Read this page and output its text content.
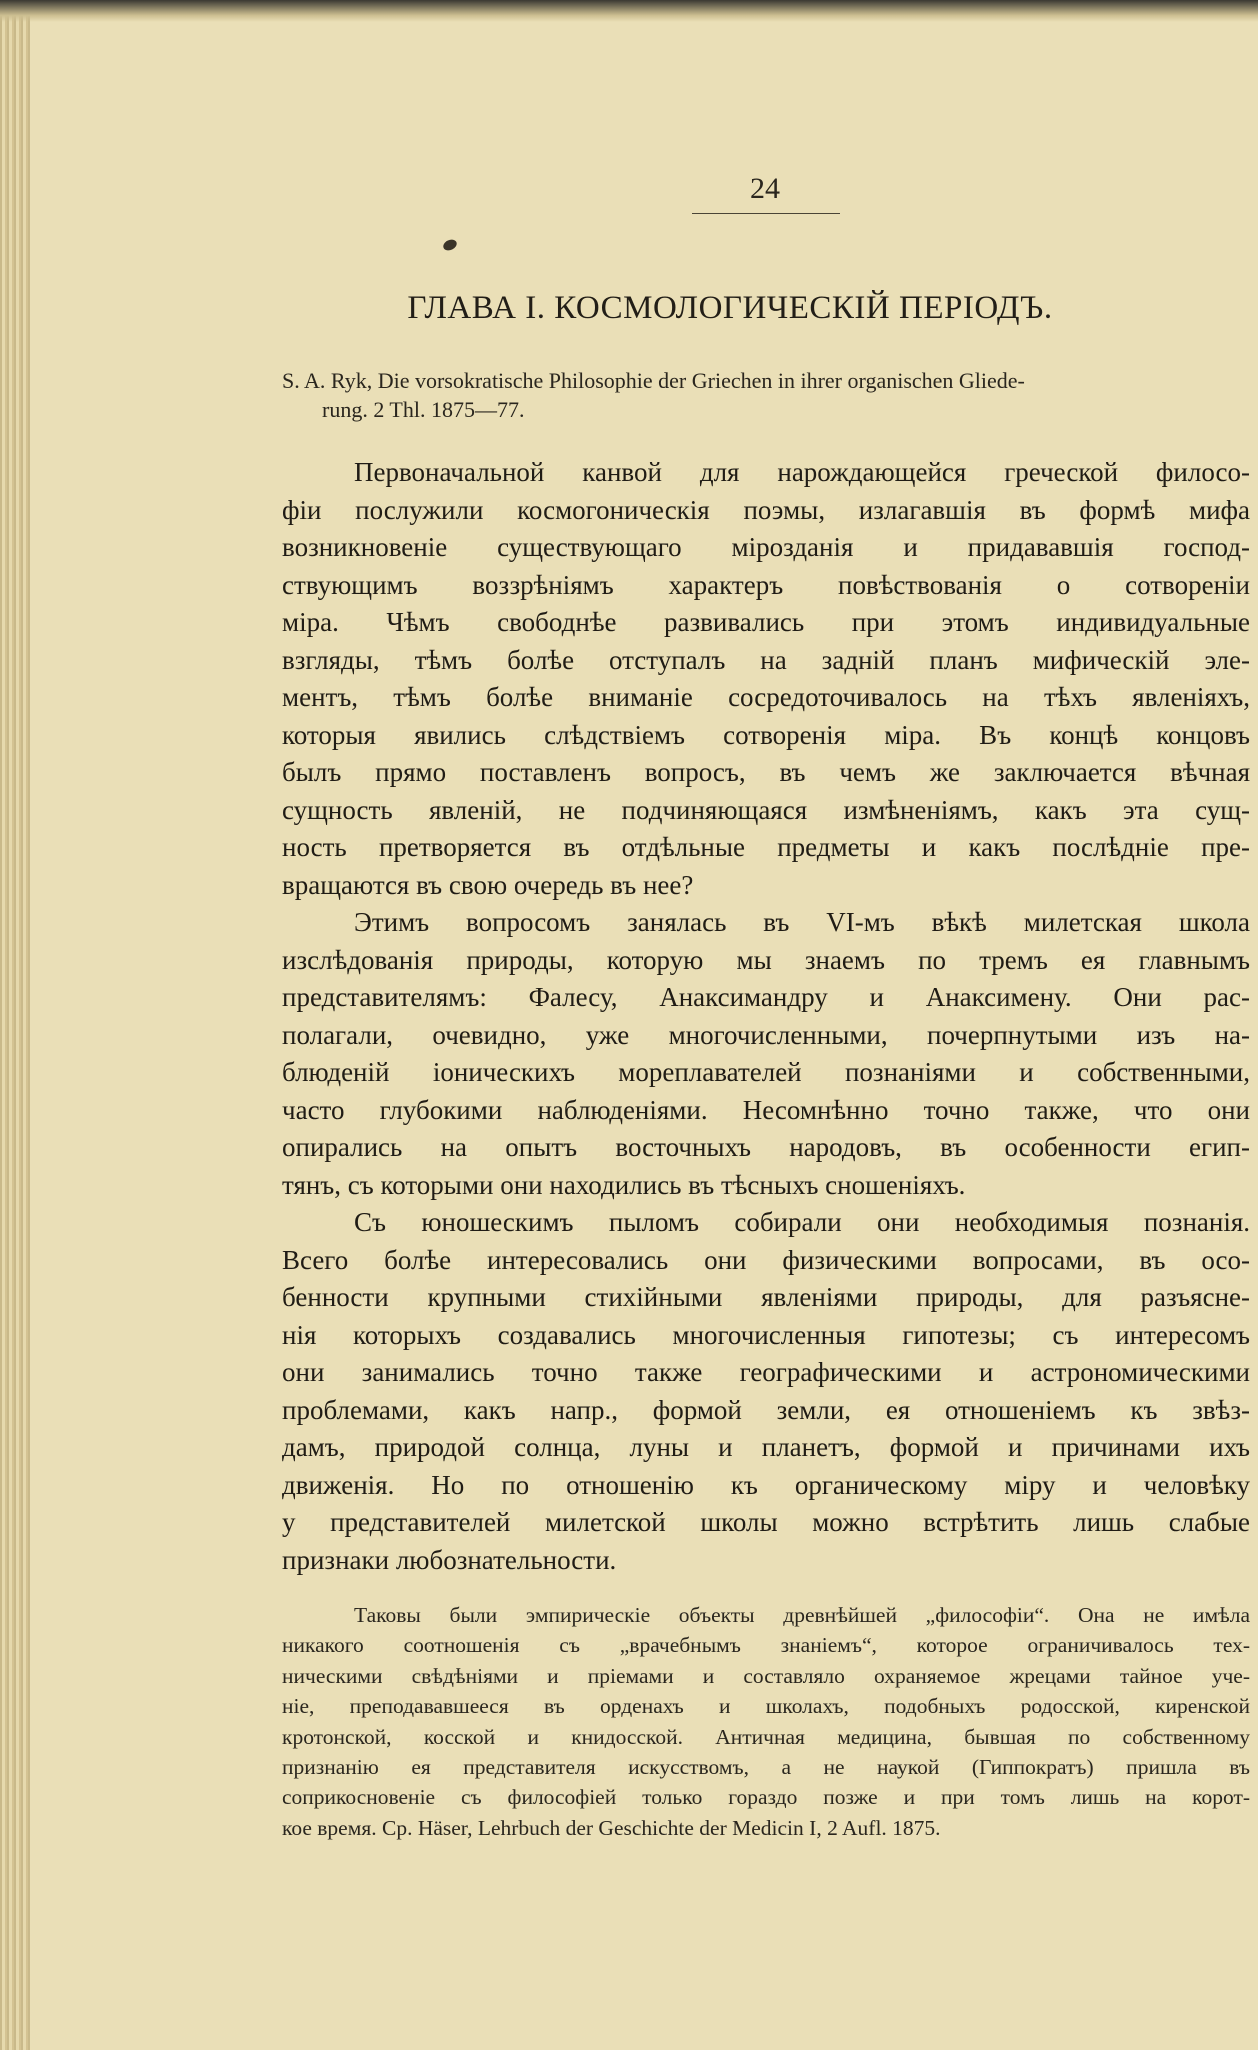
24
ГЛАВА I. КОСМОЛОГИЧЕСКІЙ ПЕРІОДЪ.
S. A. Ryk, Die vorsokratische Philosophie der Griechen in ihrer organischen Gliede-
rung. 2 Thl. 1875—77.
Первоначальной канвой для нарождающейся греческой филосо-
фіи послужили космогоническія поэмы, излагавшія въ формѣ мифа
возникновеніе существующаго мірозданія и придававшія господ-
ствующимъ воззрѣніямъ характеръ повѣствованія о сотвореніи
міра. Чѣмъ свободнѣе развивались при этомъ индивидуальные
взгляды, тѣмъ болѣе отступалъ на задній планъ мифическій эле-
ментъ, тѣмъ болѣе вниманіе сосредоточивалось на тѣхъ явленіяхъ,
которыя явились слѣдствіемъ сотворенія міра. Въ концѣ концовъ
былъ прямо поставленъ вопросъ, въ чемъ же заключается вѣчная
сущность явленій, не подчиняющаяся измѣненіямъ, какъ эта сущ-
ность претворяется въ отдѣльные предметы и какъ послѣдніе пре-
вращаются въ свою очередь въ нее?
Этимъ вопросомъ занялась въ VI-мъ вѣкѣ милетская школа
изслѣдованія природы, которую мы знаемъ по тремъ ея главнымъ
представителямъ: Фалесу, Анаксимандру и Анаксимену. Они рас-
полагали, очевидно, уже многочисленными, почерпнутыми изъ на-
блюденій іоническихъ мореплавателей познаніями и собственными,
часто глубокими наблюденіями. Несомнѣнно точно также, что они
опирались на опытъ восточныхъ народовъ, въ особенности егип-
тянъ, съ которыми они находились въ тѣсныхъ сношеніяхъ.
Съ юношескимъ пыломъ собирали они необходимыя познанія.
Всего болѣе интересовались они физическими вопросами, въ осо-
бенности крупными стихійными явленіями природы, для разъясне-
нія которыхъ создавались многочисленныя гипотезы; съ интересомъ
они занимались точно также географическими и астрономическими
проблемами, какъ напр., формой земли, ея отношеніемъ къ звѣз-
дамъ, природой солнца, луны и планетъ, формой и причинами ихъ
движенія. Но по отношенію къ органическому міру и человѣку
у представителей милетской школы можно встрѣтить лишь слабые
признаки любознательности.
Таковы были эмпирическіе объекты древнѣйшей „философіи“. Она не имѣла
никакого соотношенія съ „врачебнымъ знаніемъ“, которое ограничивалось тех-
ническими свѣдѣніями и пріемами и составляло охраняемое жрецами тайное уче-
ніе, преподававшееся въ орденахъ и школахъ, подобныхъ родосской, киренской
кротонской, косской и книдосской. Античная медицина, бывшая по собственному
признанію ея представителя искусствомъ, а не наукой (Гиппократъ) пришла въ
соприкосновеніе съ философіей только гораздо позже и при томъ лишь на корот-
кое время. Ср. Häser, Lehrbuch der Geschichte der Medicin I, 2 Aufl. 1875.
